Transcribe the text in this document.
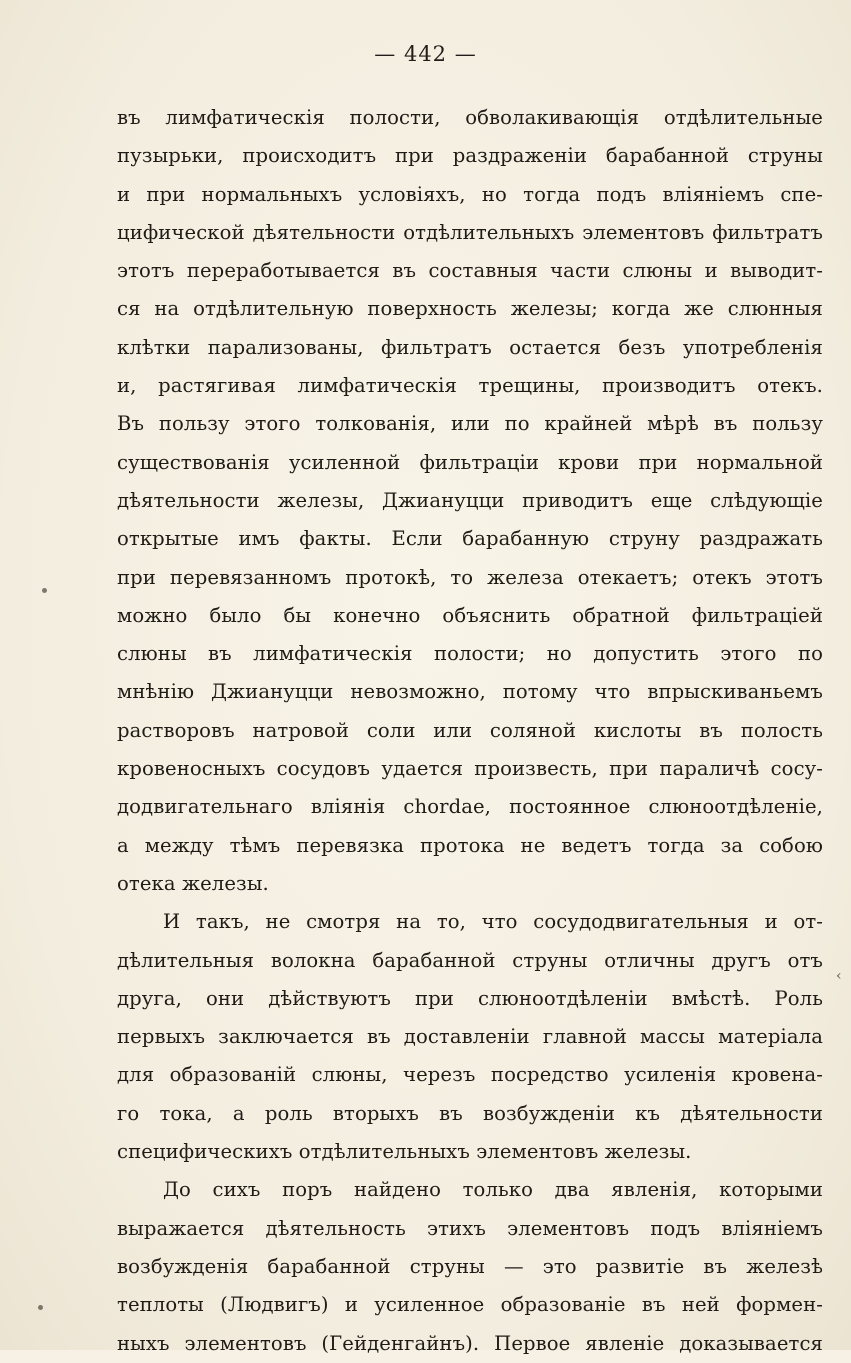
— 442 —
въ лимфатическія полости, обволакивающія отдѣлительные
пузырьки, происходитъ при раздраженіи барабанной струны
и при нормальныхъ условіяхъ, но тогда подъ вліяніемъ спе-
цифической дѣятельности отдѣлительныхъ элементовъ фильтратъ
этотъ перерaботывается въ составныя части слюны и выводит-
ся на отдѣлительную поверхность железы; когда же слюнныя
клѣтки парализованы, фильтратъ остается безъ употребленія
и, растягивая лимфатическія трещины, производитъ отекъ.
Въ пользу этого толкованія, или по крайней мѣрѣ въ пользу
существованія усиленной фильтраціи крови при нормальной
дѣятельности железы, Джиануцци приводитъ еще слѣдующіе
открытые имъ факты. Если барабанную струну раздражать
при перевязанномъ протокѣ, то железа отекаетъ; отекъ этотъ
можно было бы конечно объяснить обратной фильтраціей
слюны въ лимфатическія полости; но допустить этого по
мнѣнію Джиануцци невозможно, потому что впрыскиваньемъ
растворовъ натровой соли или соляной кислоты въ полость
кровеносныхъ сосудовъ удается произвесть, при параличѣ сосу-
додвигательнаго вліянія chordae, постоянное слюноотдѣленіе,
а между тѣмъ перевязка протока не ведетъ тогда за собою
отека железы.
И такъ, не смотря на то, что сосудодвигательныя и от-
дѣлительныя волокна барабанной струны отличны другъ отъ
друга, они дѣйствуютъ при слюноотдѣленіи вмѣстѣ. Роль
первыхъ заключается въ доставленіи главной массы матеріала
для образованій слюны, черезъ посредство усиленія кровена-
го тока, а роль вторыхъ въ возбужденіи къ дѣятельности
специфическихъ отдѣлительныхъ элементовъ железы.
До сихъ поръ найдено только два явленія, которыми
выражается дѣятельность этихъ элементовъ подъ вліяніемъ
возбужденія барабанной струны — это развитіе въ железѣ
теплоты (Людвигъ) и усиленное образованіе въ ней формен-
ныхъ элементовъ (Гейденгайнъ). Первое явленіе доказывается
‹
